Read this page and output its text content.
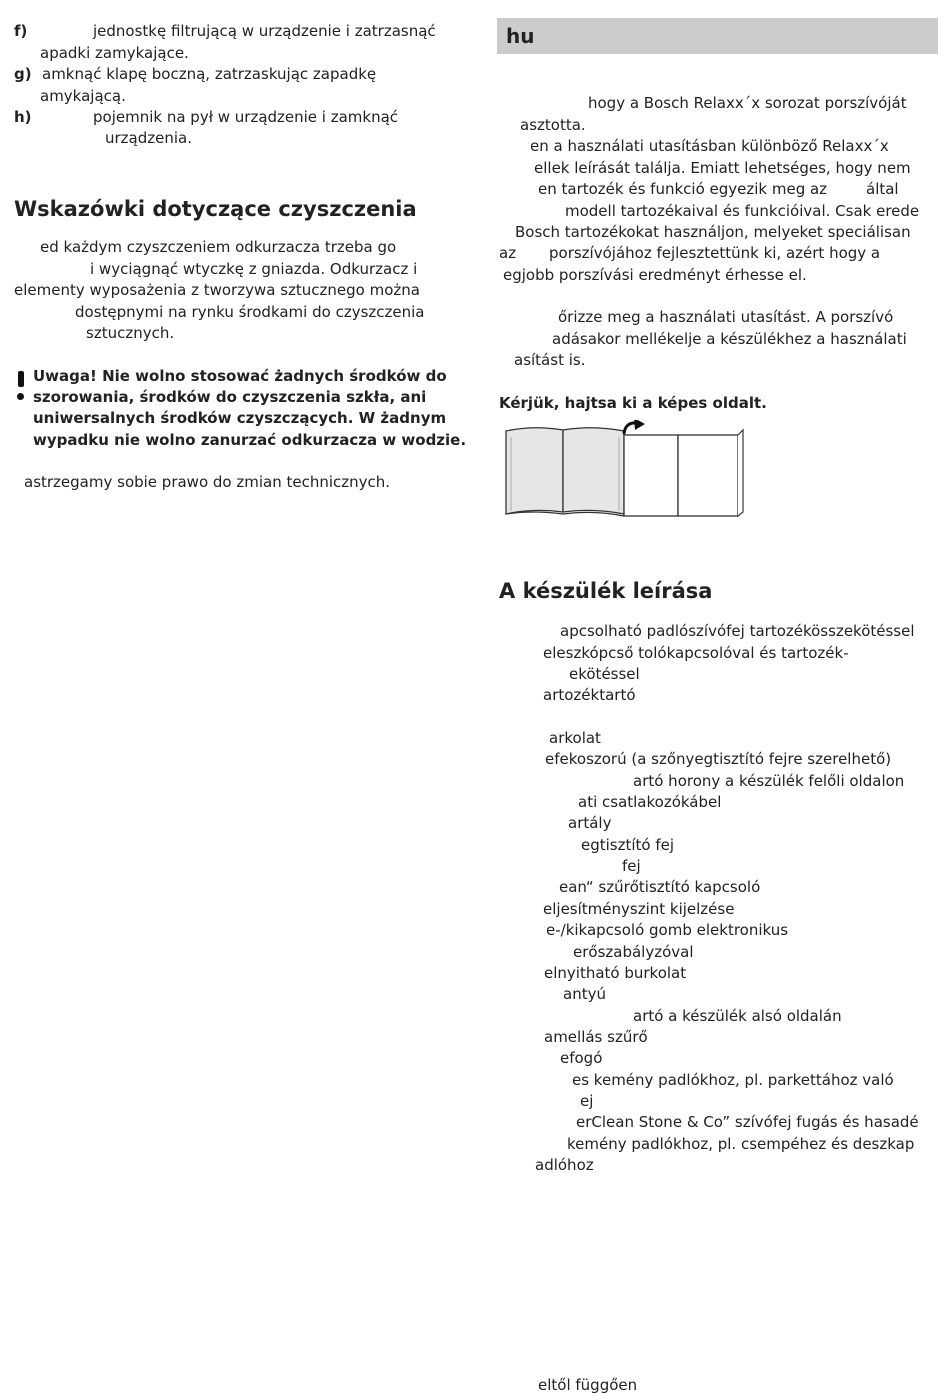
f)	jednostkę filtrującą w urządzenie i zatrzasnąć
apadki zamykające.
g) amknąć klapę boczną, zatrzaskując zapadkę
amykającą.
h)	pojemnik na pył w urządzenie i zamknąć
urządzenia.
Wskazówki dotyczące czyszczenia
ed każdym czyszczeniem odkurzacza trzeba go
i wyciągnąć wtyczkę z gniazda. Odkurzacz i
elementy wyposażenia z tworzywa sztucznego można
dostępnymi na rynku środkami do czyszczenia
sztucznych.
Uwaga! Nie wolno stosować żadnych środków do
szorowania, środków do czyszczenia szkła, ani
uniwersalnych środków czyszczących. W żadnym
wypadku nie wolno zanurzać odkurzacza w wodzie.
astrzegamy sobie prawo do zmian technicznych.
hu
hogy a Bosch Relaxx´x sorozat porszívóját
asztotta.
en a használati utasításban különböző Relaxx´x
ellek leírását találja. Emiatt lehetséges, hogy nem
en tartozék és funkció egyezik meg az	által
modell tartozékaival és funkcióival. Csak erede
Bosch tartozékokat használjon, melyeket speciálisan
az porszívójához fejlesztettünk ki, azért hogy a
egjobb porszívási eredményt érhesse el.
őrizze meg a használati utasítást. A porszívó
adásakor mellékelje a készülékhez a használati
asítást is.
Kérjük, hajtsa ki a képes oldalt.
A készülék leírása
apcsolható padlószívófej tartozékösszekötéssel
eleszkópcső tolókapcsolóval és tartozék-
ekötéssel
artozéktartó
arkolat
efekoszorú (a szőnyegtisztító fejre szerelhető)
artó horony a készülék felőli oldalon
ati csatlakozókábel
artály
egtisztító fej
fej
ean“ szűrőtisztító kapcsoló
eljesítményszint kijelzése
e-/kikapcsoló gomb elektronikus
erőszabályzóval
elnyitható burkolat
antyú
artó a készülék alsó oldalán
amellás szűrő
efogó
es kemény padlókhoz, pl. parkettához való
ej
erClean Stone & Co” szívófej fugás és hasadé
kemény padlókhoz, pl. csempéhez és deszkap
adlóhoz
eltől függően
